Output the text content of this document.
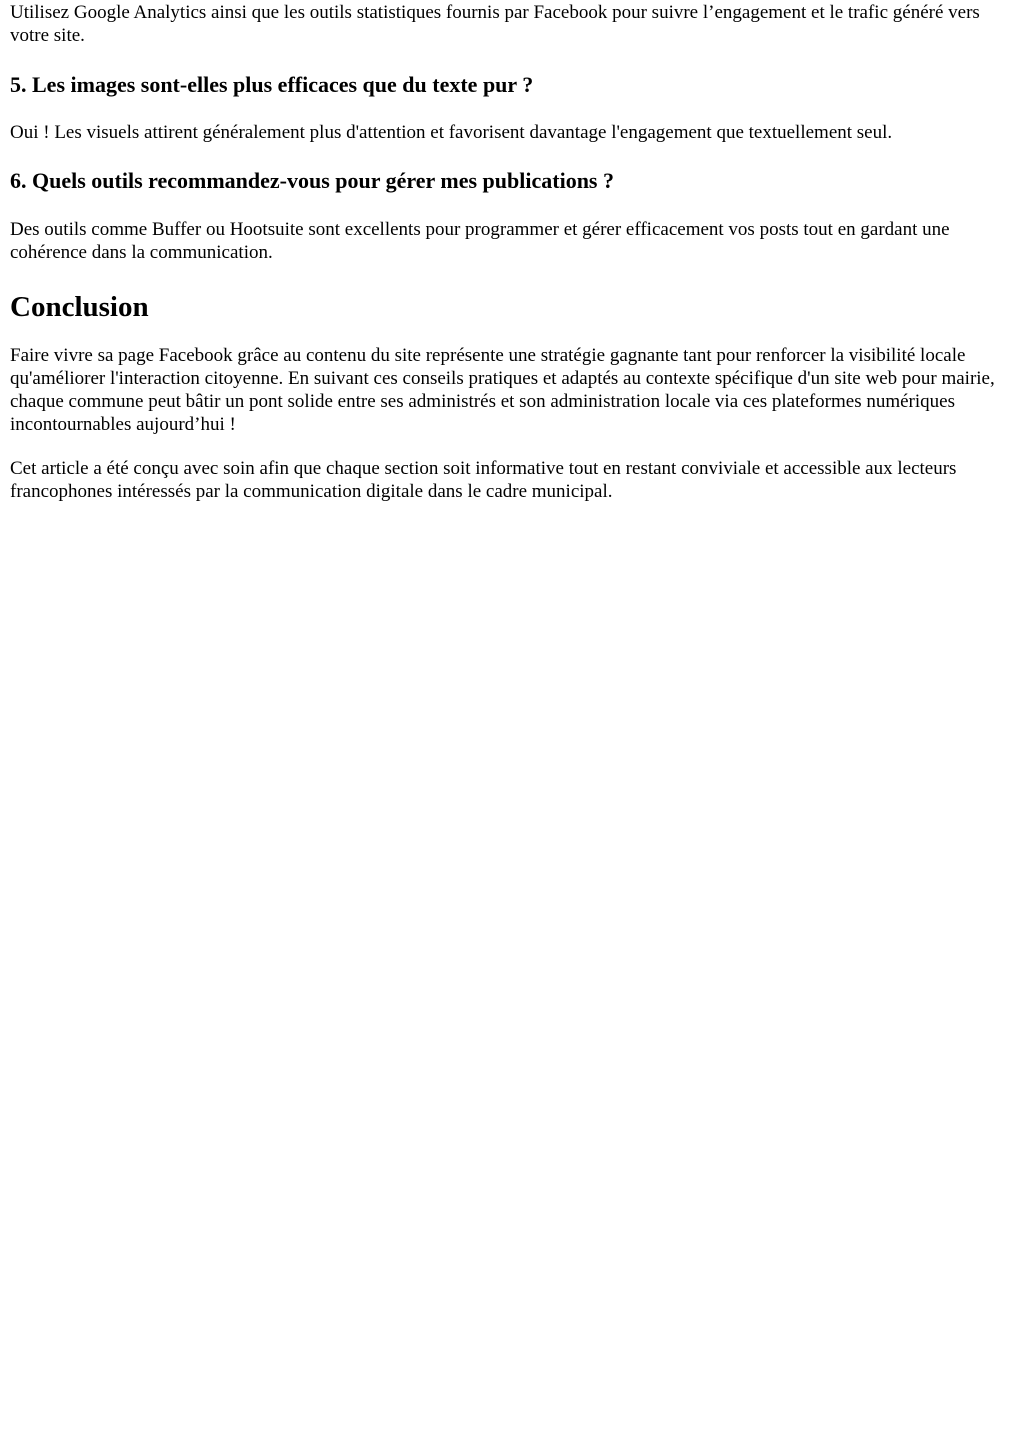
Utilisez Google Analytics ainsi que les outils statistiques fournis par Facebook pour suivre l’engagement et le trafic généré vers votre site.

5. Les images sont-elles plus efficaces que du texte pur ?

Oui ! Les visuels attirent généralement plus d'attention et favorisent davantage l'engagement que textuellement seul.

6. Quels outils recommandez-vous pour gérer mes publications ?

Des outils comme Buffer ou Hootsuite sont excellents pour programmer et gérer efficacement vos posts tout en gardant une cohérence dans la communication.

Conclusion

Faire vivre sa page Facebook grâce au contenu du site représente une stratégie gagnante tant pour renforcer la visibilité locale qu'améliorer l'interaction citoyenne. En suivant ces conseils pratiques et adaptés au contexte spécifique d'un site web pour mairie, chaque commune peut bâtir un pont solide entre ses administrés et son administration locale via ces plateformes numériques incontournables aujourd’hui !

Cet article a été conçu avec soin afin que chaque section soit informative tout en restant conviviale et accessible aux lecteurs francophones intéressés par la communication digitale dans le cadre municipal.
